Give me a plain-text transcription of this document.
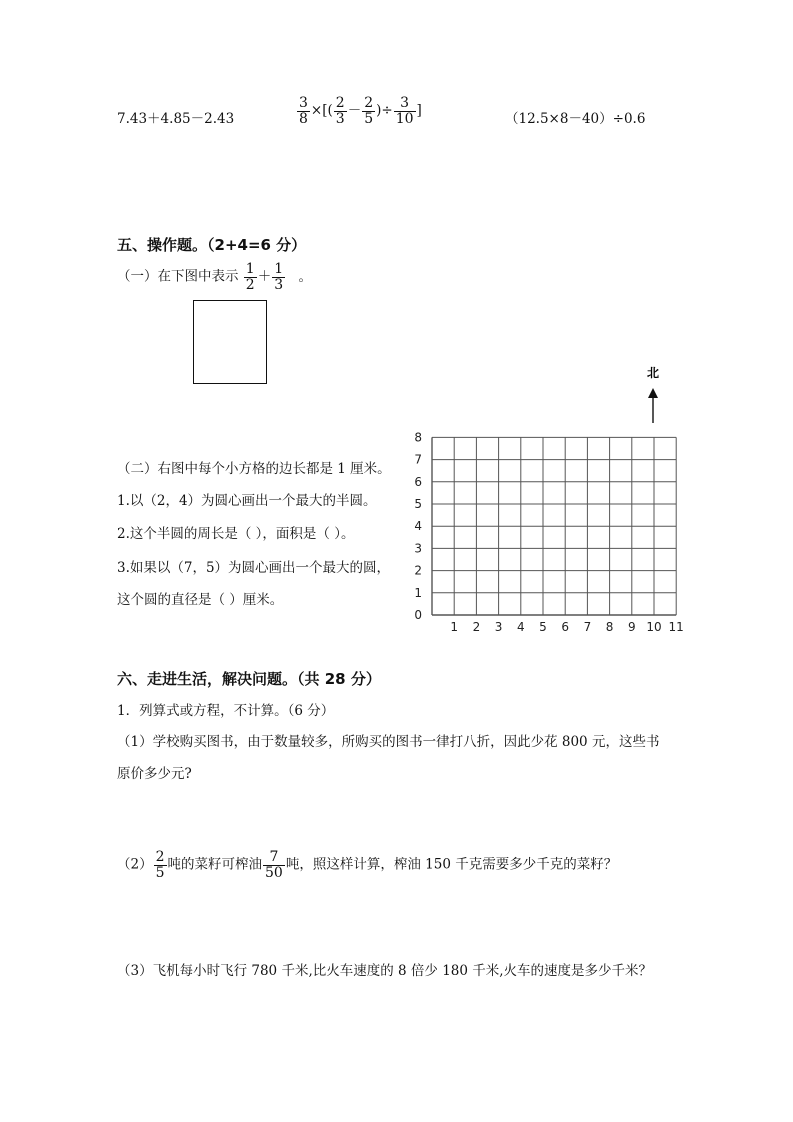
7.43＋4.85－2.43	$\frac{3}{8}$ ×[( $\frac{2}{3} - \frac{2}{5}$ )÷ $\frac{3}{10}$ ]
（12.5×8－40）÷0.6
五、操作题。（2+4=6 分）
（一）在下图中表示 $\frac{1}{2} + \frac{1}{3}$ 。
（二）右图中每个小方格的边长都是 1 厘米。
1.以（2，4）为圆心画出一个最大的半圆。
2.这个半圆的周长是（ ），面积是（ ）。
3.如果以（7，5）为圆心画出一个最大的圆，
这个圆的直径是（ ）厘米。
北
1 2 3 4 5 6 7 8 9 10 11
0
1
2
3
4
5
6
7
8
六、走进生活，解决问题。（共 28 分）
1．列算式或方程，不计算。（6 分）
（1）学校购买图书，由于数量较多，所购买的图书一律打八折，因此少花 800 元，这些书
原价多少元?
$(2) \frac{2}{5}$ 吨的菜籽可榨油 $\frac{7}{50}$ 吨，照这样计算，榨油 150 千克需要多少千克的菜籽？
（3）飞机每小时飞行 780 千米,比火车速度的 8 倍少 180 千米,火车的速度是多少千米？
